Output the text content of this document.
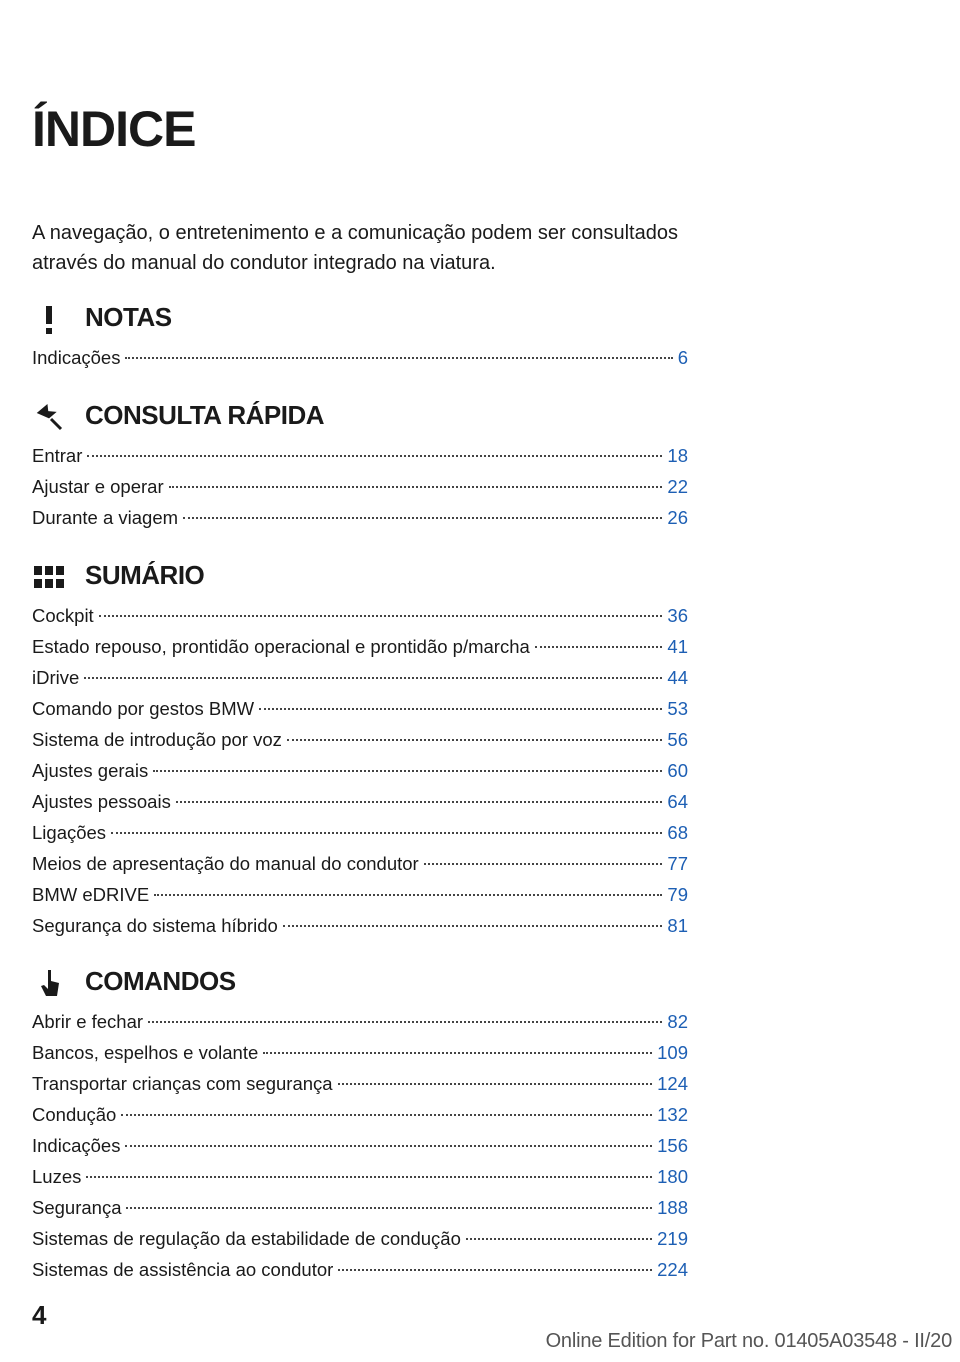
ÍNDICE

A navegação, o entretenimento e a comunicação podem ser consultados através do manual do condutor integrado na viatura.

NOTAS
Indicações	6
CONSULTA RÁPIDA
Entrar	18
Ajustar e operar	22
Durante a viagem	26
SUMÁRIO
Cockpit	36
Estado repouso, prontidão operacional e prontidão p/marcha	41
iDrive	44
Comando por gestos BMW	53
Sistema de introdução por voz	56
Ajustes gerais	60
Ajustes pessoais	64
Ligações	68
Meios de apresentação do manual do condutor	77
BMW eDRIVE	79
Segurança do sistema híbrido	81
COMANDOS
Abrir e fechar	82
Bancos, espelhos e volante	109
Transportar crianças com segurança	124
Condução	132
Indicações	156
Luzes	180
Segurança	188
Sistemas de regulação da estabilidade de condução	219
Sistemas de assistência ao condutor	224
4
Online Edition for Part no. 01405A03548 - II/20
